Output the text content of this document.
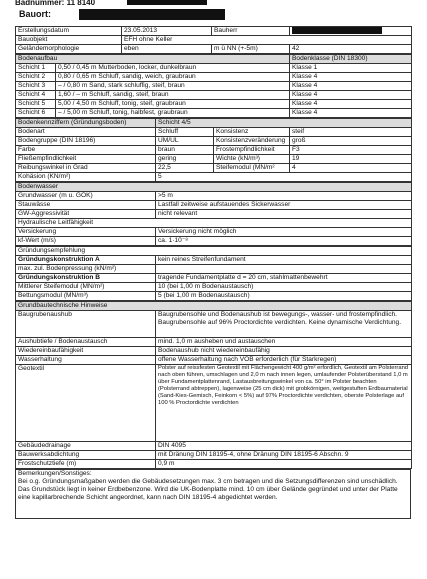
Badnummer: 11 8140
Bauort:
Erstellungsdatum	23.05.2013	Bauherr	
Bauobjekt	EFH ohne Keller		
Geländemorphologie	eben	m ü NN (+-5m)	42
Bodenaufbau		Bodenklasse (DIN 18300)
Schicht 1	0,50 / 0,45 m Mutterboden, locker, dunkelbraun	Klasse 1
Schicht 2	0,80 / 0,65 m Schluff, sandig, weich, graubraun	Klasse 4
Schicht 3	– / 0,80 m Sand, stark schluffig, steif, braun	Klasse 4
Schicht 4	1,60 / – m Schluff, sandig, steif, braun	Klasse 4
Schicht 5	5,00 / 4,50 m Schluff, tonig, steif, graubraun	Klasse 4
Schicht 6	– / 5,00 m Schluff, tonig, halbfest, graubraun	Klasse 4
Bodenkennziffern (Gründungsboden)	Schicht 4/5		
Bodenart	Schluff	Konsistenz	steif
Bodengruppe (DIN 18196)	UM/UL	Konsistenzveränderung	groß
Farbe	braun	Frostempfindlichkeit	F3
Fließempfindlichkeit	gering	Wichte (kN/m³)	19
Reibungswinkel in Grad	22,5	Steifemodul (MN/m²	4
Kohäsion (KN/m²)	5		
Bodenwasser	
Grundwasser (m u. GOK)	>5 m
Stauwässe	Lastfall zeitweise aufstauendes Sickerwasser
GW-Aggressivität	nicht relevant
Hydraulische Leitfähigkeit	
Versickerung	Versickerung nicht möglich
kf-Wert (m/s)	ca. 1·10⁻⁸
Gründungsempfehlung	
Gründungskonstruktion A	kein reines Streifenfundament
max. zul. Bodenpressung (kN/m²)	
Gründungskonstruktion B	tragende Fundamentplatte d = 20 cm, stahlmattenbewehrt
Mittlerer Steifemodul (MN/m²)	10 (bei 1,00 m Bodenaustausch)
Bettungsmodul (MN/m³)	5 (bei 1,00 m Bodenaustausch)
Grundbautechnische Hinweise	
Baugrubenaushub	Baugrubensohle und Bodenaushub ist bewegungs-, wasser- und frostempfindlich. Baugrubensohle auf 96% Proctordichte verdichten. Keine dynamische Verdichtung.
Aushubtiefe / Bodenaustausch	mind. 1,0 m ausheben und austauschen
Wiedereinbaufähigkeit	Bodenaushub nicht wiedereinbaufähig
Wasserhaltung	offene Wasserhaltung nach VOB erforderlich (für Starkregen)
Geotextil	Polster auf reissfesten Geotextil mit Flächengewicht 400 g/m² erfordlich, Geotextil am Polsterrand nach oben führen, umschlagen und 2,0 m nach innen legen, umlaufender Polsterüberstand 1,0 m über Fundamentplattenrand, Lastausbreitungswinkel von ca. 50° im Polster beachten (Polsterrand abtreppen), lagenweise (25 cm dick) mit grobkörnigen, weitgestuften Erdbaumaterial (Sand-Kies-Gemisch, Feinkorn < 5%) auf 97% Proctordichte verdichten, oberste Polsterlage auf 100 % Proctordichte verdichten
Gebäudedrainage	DIN 4095
Bauwerksabdichtung	mit Dränung DIN 18195-4, ohne Dränung DIN 18195-6 Abschn. 9
Frostschutztiefe (m)	0,9 m
Bemerkungen/Sonstiges:
Bei o.g. Gründungsmaßgaben werden die Gebäudesetzungen max. 3 cm betragen und die Setzungsdifferenzen sind unschädlich. Das Grundstück liegt in keiner Erdbebenzone. Wird die UK-Bodenplatte mind. 10 cm über Gelände gegründet und unter der Platte eine kapillarbrechende Schicht angeordnet, kann nach DIN 18195-4 abgedichtet werden.
